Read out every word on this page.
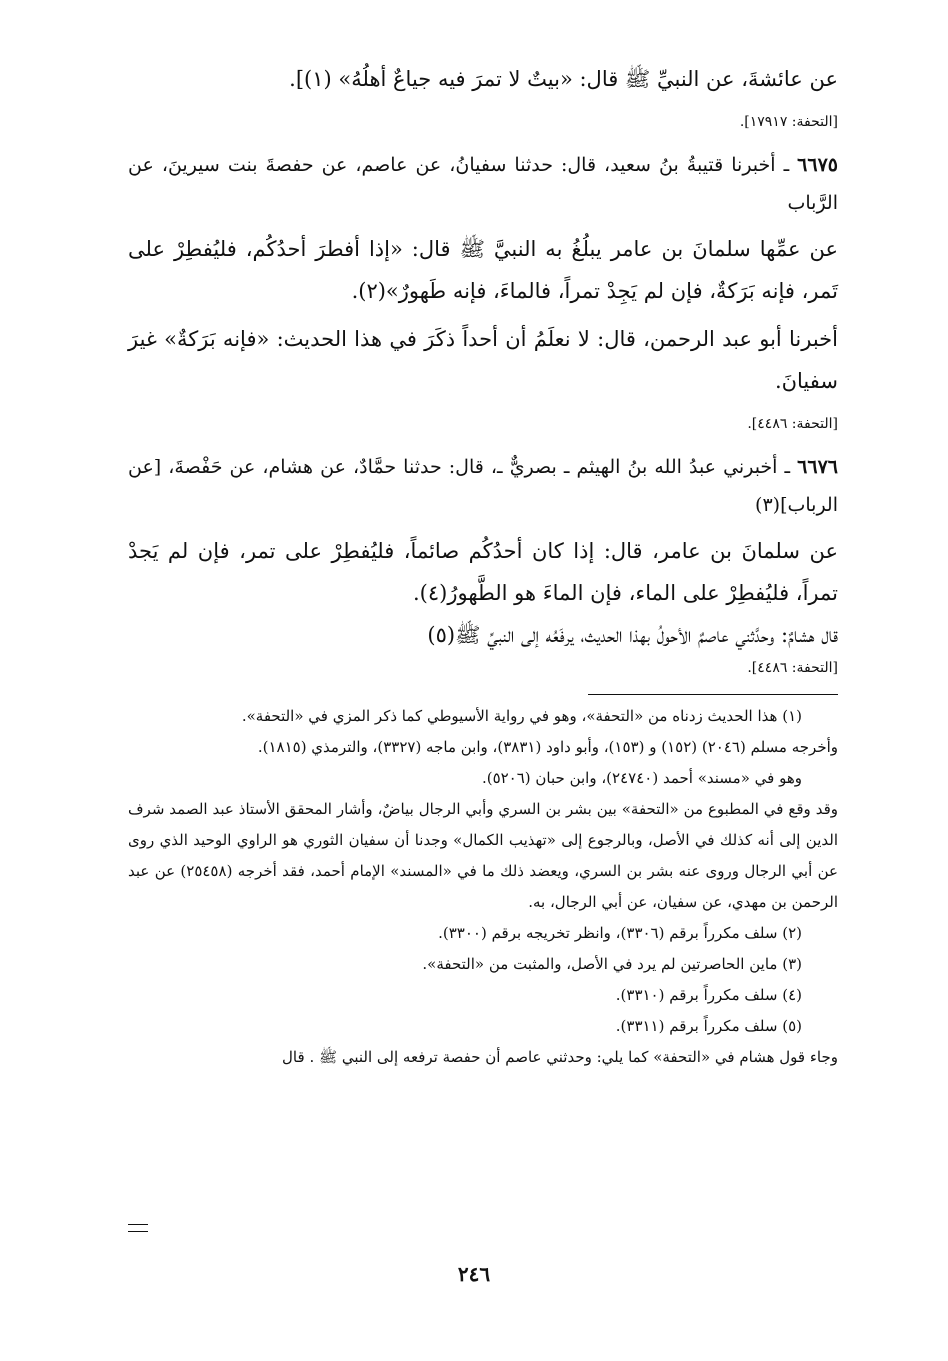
عن عائشةَ، عن النبيِّ ﷺ قال: «بيتٌ لا تمرَ فيه جياعٌ أهلُهُ» (١)].

[التحفة: ١٧٩١٧].

٦٦٧٥ ـ أخبرنا قتيبةُ بنُ سعيد، قال: حدثنا سفيانُ، عن عاصم، عن حفصةَ بنت سيرينَ، عن الرَّباب

عن عمِّها سلمانَ بن عامر يبلُغُ به النبيَّ ﷺ قال: «إذا أفطرَ أحدُكُم، فليُفطِرْ على تَمر، فإنه بَرَكةٌ، فإن لم يَجِدْ تمراً، فالماءَ، فإنه طَهورٌ»(٢).

أخبرنا أبو عبد الرحمن، قال: لا نعلَمُ أن أحداً ذكَرَ في هذا الحديث: «فإنه بَرَكةٌ» غيرَ سفيانَ.

[التحفة: ٤٤٨٦].

٦٦٧٦ ـ أخبرني عبدُ الله بنُ الهيثم ـ بصريٌّ ـ، قال: حدثنا حمَّادٌ، عن هشام، عن حَفْصةَ، [عن الرباب](٣)

عن سلمانَ بن عامر، قال: إذا كان أحدُكُم صائماً، فليُفطِرْ على تمر، فإن لم يَجدْ تمراً، فليُفطِرْ على الماء، فإن الماءَ هو الطَّهورُ(٤).

قال هشامٌ: وحدَّثني عاصمٌ الأحولُ بهذا الحديث، يرفَعُه إلى النبيِّ ﷺ(٥)

[التحفة: ٤٤٨٦].

(١) هذا الحديث زدناه من «التحفة»، وهو في رواية الأسيوطي كما ذكر المزي في «التحفة».

وأخرجه مسلم (٢٠٤٦) (١٥٢) و (١٥٣)، وأبو داود (٣٨٣١)، وابن ماجه (٣٣٢٧)، والترمذي (١٨١٥).

وهو في «مسند» أحمد (٢٤٧٤٠)، وابن حبان (٥٢٠٦).

وقد وقع في المطبوع من «التحفة» بين بشر بن السري وأبي الرجال بياضٌ، وأشار المحقق الأستاذ عبد الصمد شرف الدين إلى أنه كذلك في الأصل، وبالرجوع إلى «تهذيب الكمال» وجدنا أن سفيان الثوري هو الراوي الوحيد الذي روى عن أبي الرجال وروى عنه بشر بن السري، ويعضد ذلك ما في «المسند» الإمام أحمد، فقد أخرجه (٢٥٤٥٨) عن عبد الرحمن بن مهدي، عن سفيان، عن أبي الرجال، به.

(٢) سلف مكرراً برقم (٣٣٠٦)، وانظر تخريجه برقم (٣٣٠٠).

(٣) ماين الحاصرتين لم يرد في الأصل، والمثبت من «التحفة».

(٤) سلف مكرراً برقم (٣٣١٠).

(٥) سلف مكرراً برقم (٣٣١١).

وجاء قول هشام في «التحفة» كما يلي: وحدثني عاصم أن حفصة ترفعه إلى النبي ﷺ . قال

٢٤٦
